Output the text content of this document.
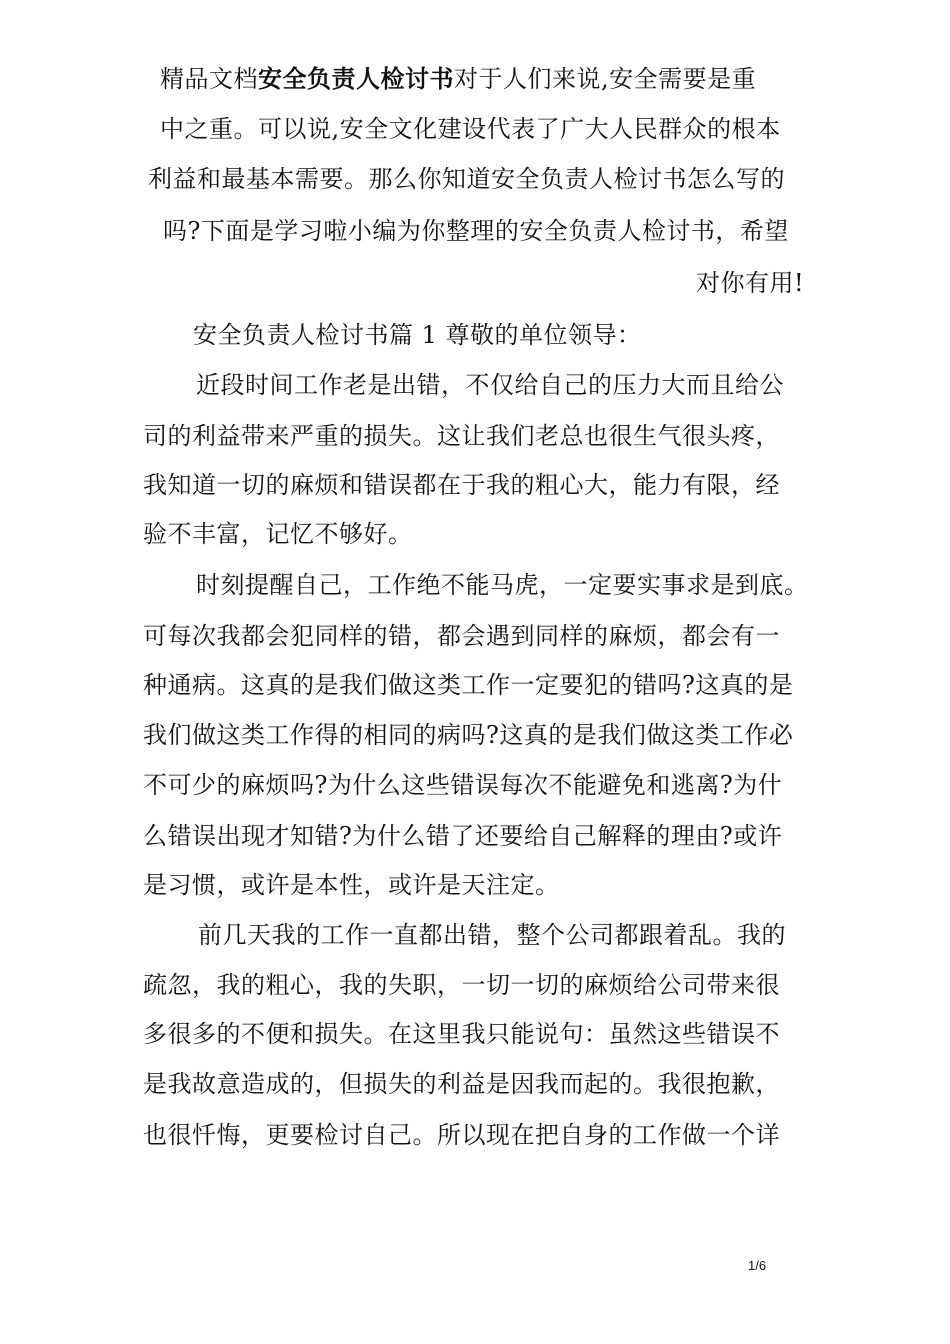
精品文档安全负责人检讨书对于人们来说,安全需要是重
中之重。可以说,安全文化建设代表了广大人民群众的根本
利益和最基本需要。那么你知道安全负责人检讨书怎么写的
吗?下面是学习啦小编为你整理的安全负责人检讨书，希望
对你有用!
安全负责人检讨书篇 1 尊敬的单位领导：
近段时间工作老是出错，不仅给自己的压力大而且给公
司的利益带来严重的损失。这让我们老总也很生气很头疼，
我知道一切的麻烦和错误都在于我的粗心大，能力有限，经
验不丰富，记忆不够好。
时刻提醒自己，工作绝不能马虎，一定要实事求是到底。
可每次我都会犯同样的错，都会遇到同样的麻烦，都会有一
种通病。这真的是我们做这类工作一定要犯的错吗?这真的是
我们做这类工作得的相同的病吗?这真的是我们做这类工作必
不可少的麻烦吗?为什么这些错误每次不能避免和逃离?为什
么错误出现才知错?为什么错了还要给自己解释的理由?或许
是习惯，或许是本性，或许是天注定。
前几天我的工作一直都出错，整个公司都跟着乱。我的
疏忽，我的粗心，我的失职，一切一切的麻烦给公司带来很
多很多的不便和损失。在这里我只能说句：虽然这些错误不
是我故意造成的，但损失的利益是因我而起的。我很抱歉，
也很忏悔，更要检讨自己。所以现在把自身的工作做一个详
1/6
